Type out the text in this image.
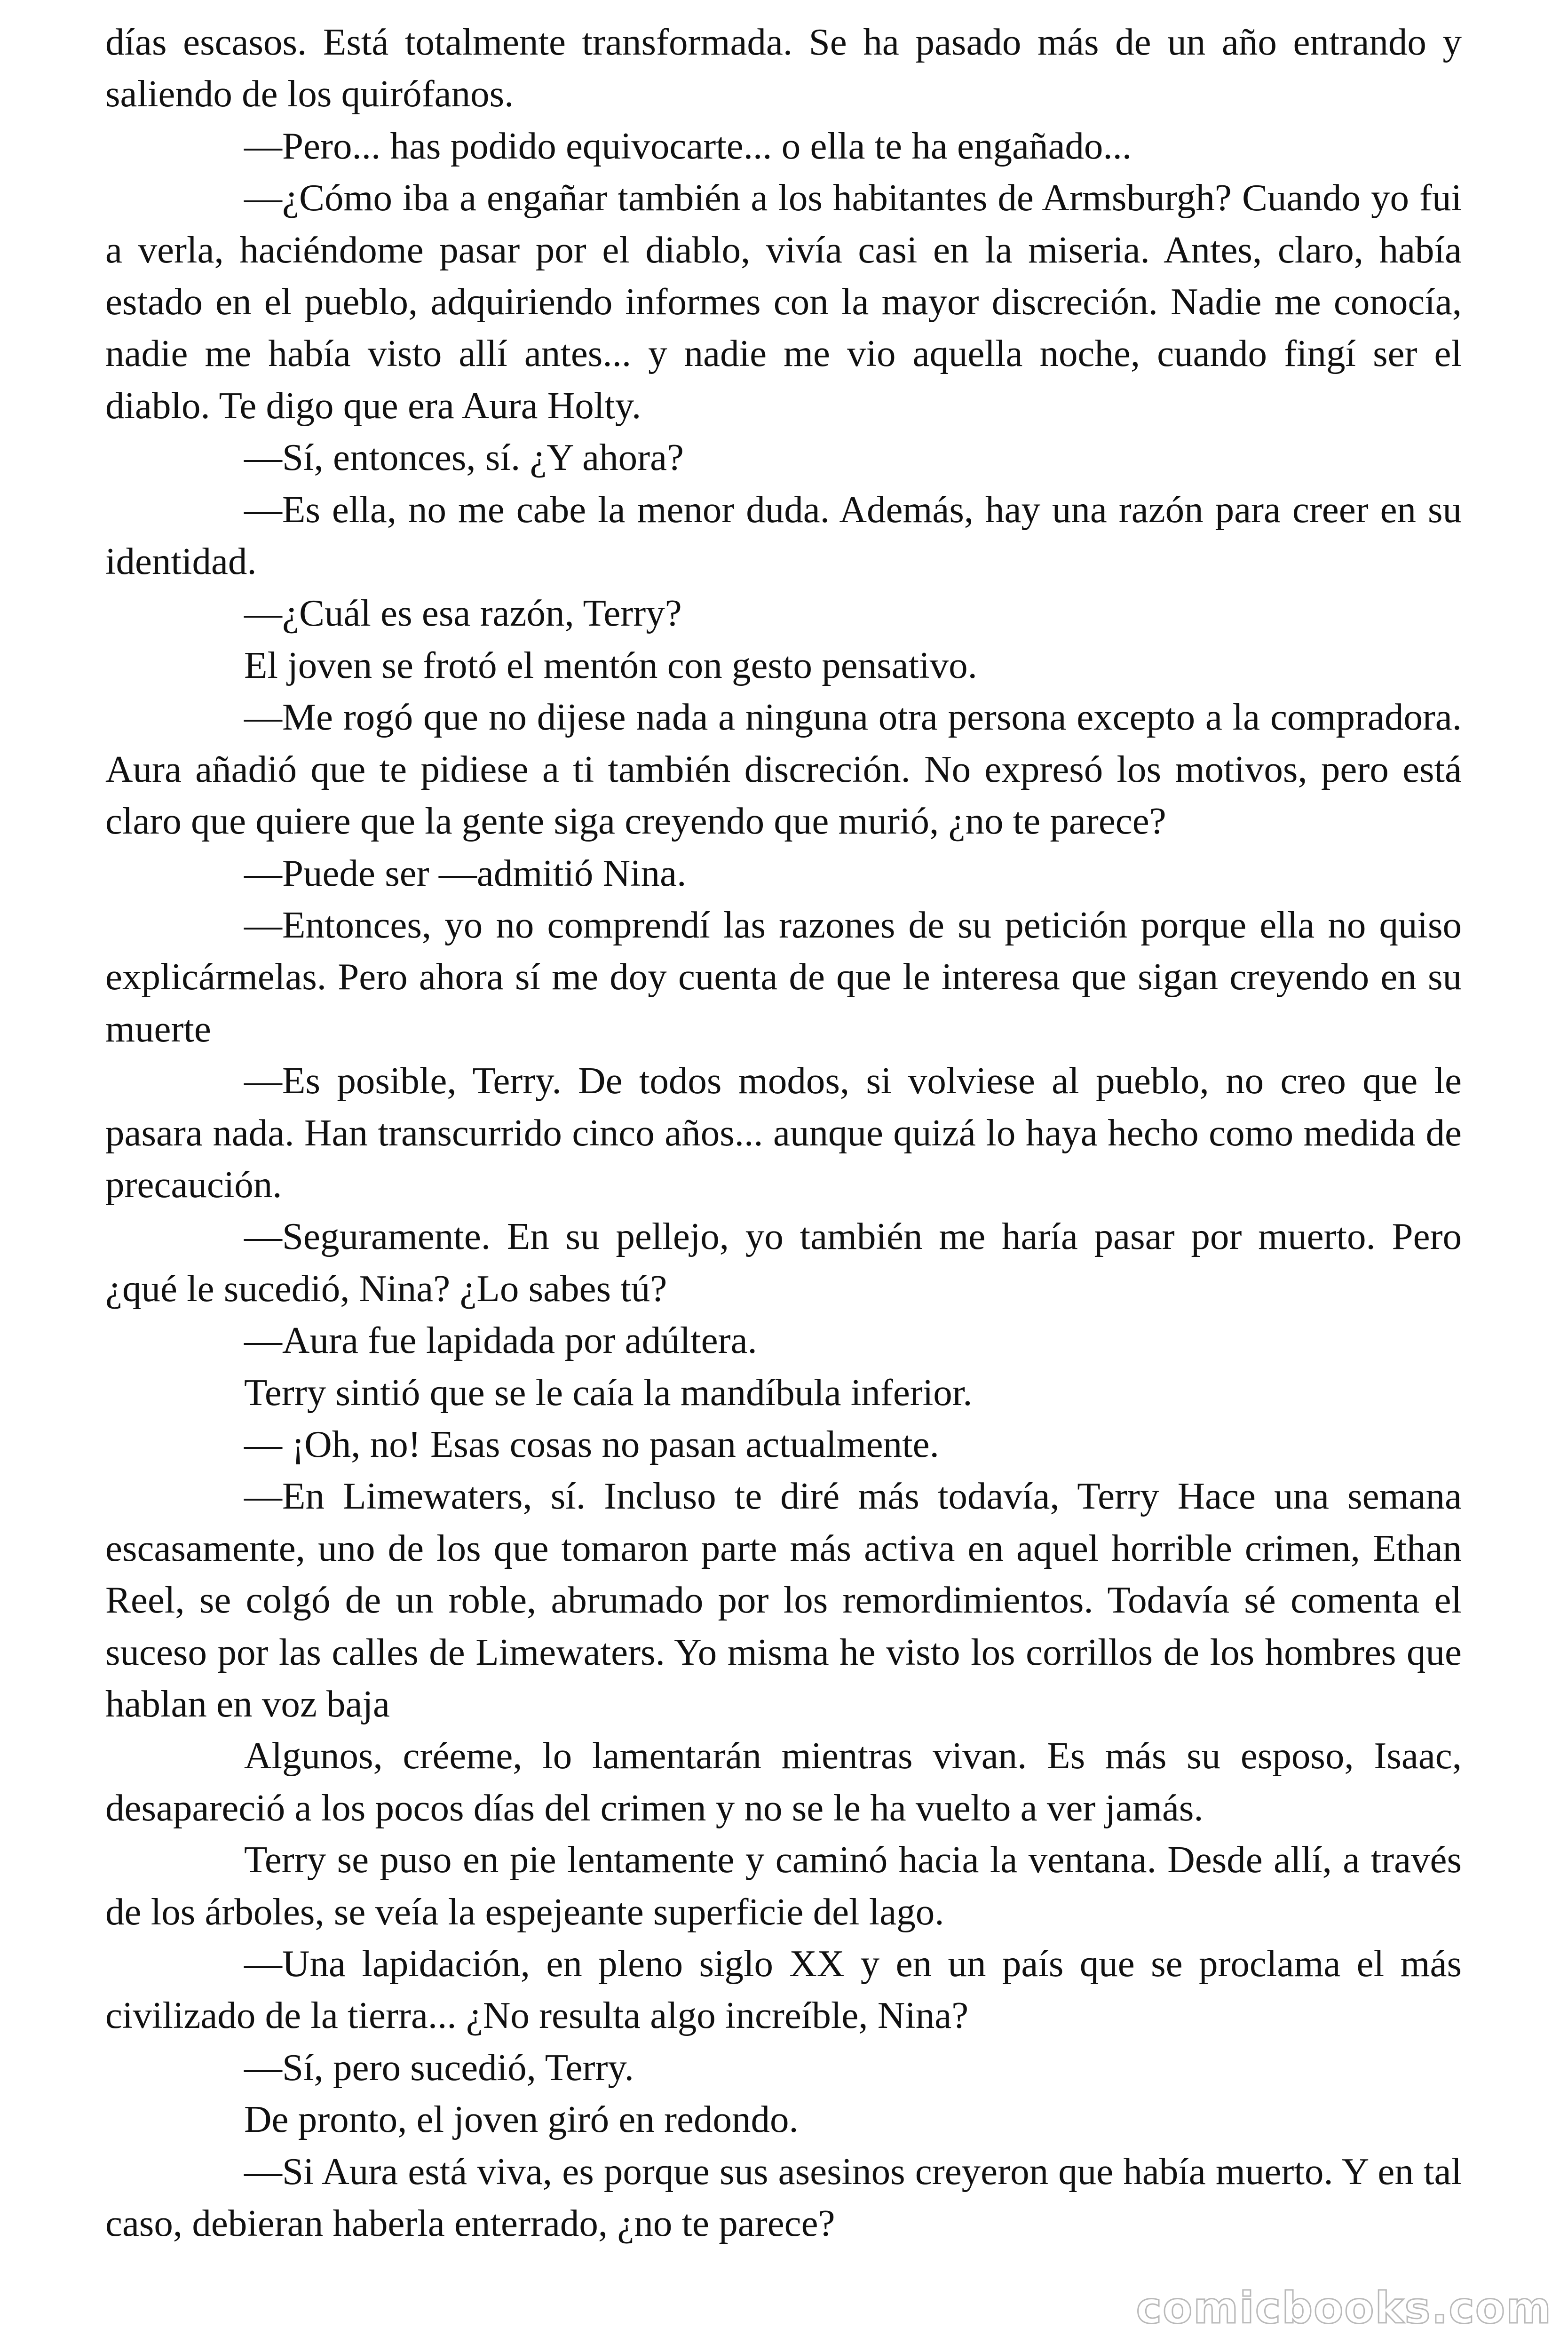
días escasos. Está totalmente transformada. Se ha pasado más de un año entrando y saliendo de los quirófanos.

—Pero... has podido equivocarte... o ella te ha engañado...

—¿Cómo iba a engañar también a los habitantes de Armsburgh? Cuando yo fui a verla, haciéndome pasar por el diablo, vivía casi en la miseria. Antes, claro, había estado en el pueblo, adquiriendo informes con la mayor discreción. Nadie me conocía, nadie me había visto allí antes... y nadie me vio aquella noche, cuando fingí ser el diablo. Te digo que era Aura Holty.

—Sí, entonces, sí. ¿Y ahora?

—Es ella, no me cabe la menor duda. Además, hay una razón para creer en su identidad.

—¿Cuál es esa razón, Terry?

El joven se frotó el mentón con gesto pensativo.

—Me rogó que no dijese nada a ninguna otra persona excepto a la compradora. Aura añadió que te pidiese a ti también discreción. No expresó los motivos, pero está claro que quiere que la gente siga creyendo que murió, ¿no te parece?

—Puede ser —admitió Nina.

—Entonces, yo no comprendí las razones de su petición porque ella no quiso explicármelas. Pero ahora sí me doy cuenta de que le interesa que sigan creyendo en su muerte

—Es posible, Terry. De todos modos, si volviese al pueblo, no creo que le pasara nada. Han transcurrido cinco años... aunque quizá lo haya hecho como medida de precaución.

—Seguramente. En su pellejo, yo también me haría pasar por muerto. Pero ¿qué le sucedió, Nina? ¿Lo sabes tú?

—Aura fue lapidada por adúltera.

Terry sintió que se le caía la mandíbula inferior.

— ¡Oh, no! Esas cosas no pasan actualmente.

—En Limewaters, sí. Incluso te diré más todavía, Terry Hace una semana escasamente, uno de los que tomaron parte más activa en aquel horrible crimen, Ethan Reel, se colgó de un roble, abrumado por los remordimientos. Todavía sé comenta el suceso por las calles de Limewaters. Yo misma he visto los corrillos de los hombres que hablan en voz baja

Algunos, créeme, lo lamentarán mientras vivan. Es más su esposo, Isaac, desapareció a los pocos días del crimen y no se le ha vuelto a ver jamás.

Terry se puso en pie lentamente y caminó hacia la ventana. Desde allí, a través de los árboles, se veía la espejeante superficie del lago.

—Una lapidación, en pleno siglo XX y en un país que se proclama el más civilizado de la tierra... ¿No resulta algo increíble, Nina?

—Sí, pero sucedió, Terry.

De pronto, el joven giró en redondo.

—Si Aura está viva, es porque sus asesinos creyeron que había muerto. Y en tal caso, debieran haberla enterrado, ¿no te parece?

comicbooks.com
